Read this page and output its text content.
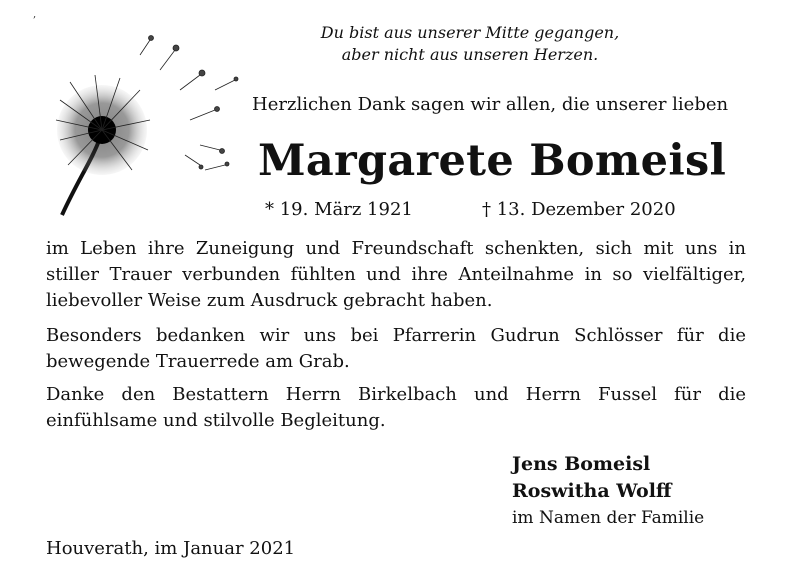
,
Du bist aus unserer Mitte gegangen,
aber nicht aus unseren Herzen.
Herzlichen Dank sagen wir allen, die unserer lieben
Margarete Bomeisl
* 19. März 1921	† 13. Dezember 2020
im Leben ihre Zuneigung und Freundschaft schenkten, sich mit uns in stiller Trauer verbunden fühlten und ihre Anteilnahme in so vielfältiger, liebevoller Weise zum Ausdruck gebracht haben.
Besonders bedanken wir uns bei Pfarrerin Gudrun Schlösser für die bewegende Trauerrede am Grab.
Danke den Bestattern Herrn Birkelbach und Herrn Fussel für die einfühlsame und stilvolle Begleitung.
Jens Bomeisl
Roswitha Wolff
im Namen der Familie
Houverath, im Januar 2021
